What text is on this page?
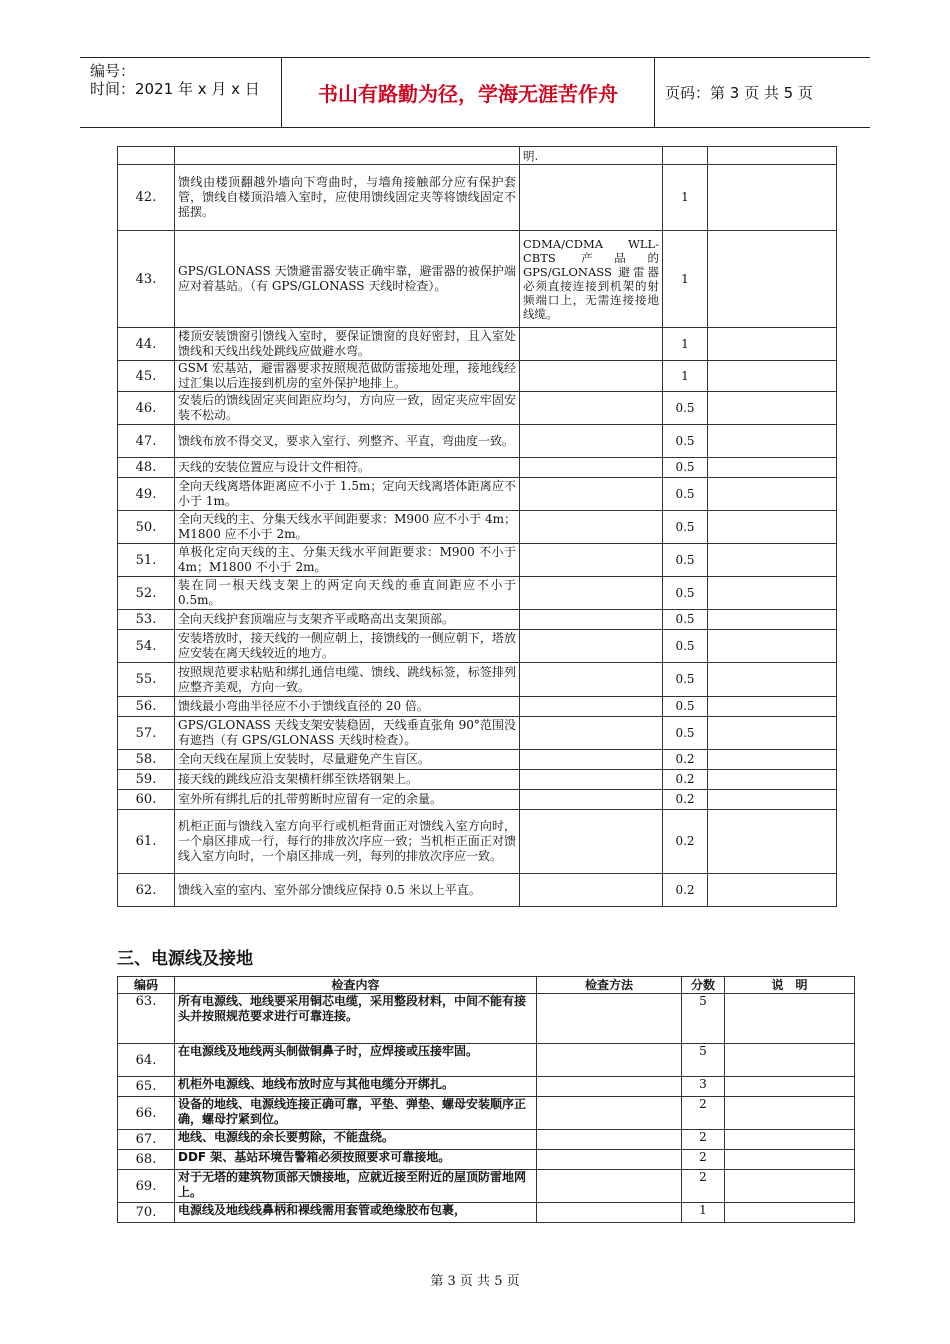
编号：
时间：2021 年 x 月 x 日	书山有路勤为径，学海无涯苦作舟	页码：第 3 页 共 5 页
		明.		
42.	馈线由楼顶翻越外墙向下弯曲时，与墙角接触部分应有保护套管，馈线自楼顶沿墙入室时，应使用馈线固定夹等将馈线固定不摇摆。		1	
43.	GPS/GLONASS 天馈避雷器安装正确牢靠，避雷器的被保护端应对着基站。（有 GPS/GLONASS 天线时检查）。	CDMA/CDMA WLL-CBTS 产品的 GPS/GLONASS 避雷器必须直接连接到机架的射频端口上，无需连接接地线缆。	1	
44.	楼顶安装馈窗引馈线入室时，要保证馈窗的良好密封，且入室处馈线和天线出线处跳线应做避水弯。		1	
45.	GSM 宏基站，避雷器要求按照规范做防雷接地处理，接地线经过汇集以后连接到机房的室外保护地排上。		1	
46.	安装后的馈线固定夹间距应均匀，方向应一致，固定夹应牢固安装不松动。		0.5	
47.	馈线布放不得交叉，要求入室行、列整齐、平直，弯曲度一致。		0.5	
48.	天线的安装位置应与设计文件相符。		0.5	
49.	全向天线离塔体距离应不小于 1.5m；定向天线离塔体距离应不小于 1m。		0.5	
50.	全向天线的主、分集天线水平间距要求：M900 应不小于 4m；M1800 应不小于 2m。		0.5	
51.	单极化定向天线的主、分集天线水平间距要求：M900 不小于 4m；M1800 不小于 2m。		0.5	
52.	装在同一根天线支架上的两定向天线的垂直间距应不小于 0.5m。		0.5	
53.	全向天线护套顶端应与支架齐平或略高出支架顶部。		0.5	
54.	安装塔放时，接天线的一侧应朝上，接馈线的一侧应朝下，塔放应安装在离天线较近的地方。		0.5	
55.	按照规范要求粘贴和绑扎通信电缆、馈线、跳线标签，标签排列应整齐美观，方向一致。		0.5	
56.	馈线最小弯曲半径应不小于馈线直径的 20 倍。		0.5	
57.	GPS/GLONASS 天线支架安装稳固，天线垂直张角 90°范围没有遮挡（有 GPS/GLONASS 天线时检查）。		0.5	
58.	全向天线在屋顶上安装时，尽量避免产生盲区。		0.2	
59.	接天线的跳线应沿支架横杆绑至铁塔钢架上。		0.2	
60.	室外所有绑扎后的扎带剪断时应留有一定的余量。		0.2	
61.	机柜正面与馈线入室方向平行或机柜背面正对馈线入室方向时，一个扇区排成一行，每行的排放次序应一致；当机柜正面正对馈线入室方向时，一个扇区排成一列，每列的排放次序应一致。		0.2	
62.	馈线入室的室内、室外部分馈线应保持 0.5 米以上平直。		0.2	
三、电源线及接地
编码	检查内容	检查方法	分数	说　明
63.	所有电源线、地线要采用铜芯电缆，采用整段材料，中间不能有接头并按照规范要求进行可靠连接。		5	
64.	在电源线及地线两头制做铜鼻子时，应焊接或压接牢固。		5	
65.	机柜外电源线、地线布放时应与其他电缆分开绑扎。		3	
66.	设备的地线、电源线连接正确可靠，平垫、弹垫、螺母安装顺序正确，螺母拧紧到位。		2	
67.	地线、电源线的余长要剪除，不能盘绕。		2	
68.	DDF 架、基站环境告警箱必须按照要求可靠接地。		2	
69.	对于无塔的建筑物顶部天馈接地，应就近接至附近的屋顶防雷地网上。		2	
70.	电源线及地线线鼻柄和裸线需用套管或绝缘胶布包裹，		1	
第 3 页 共 5 页
